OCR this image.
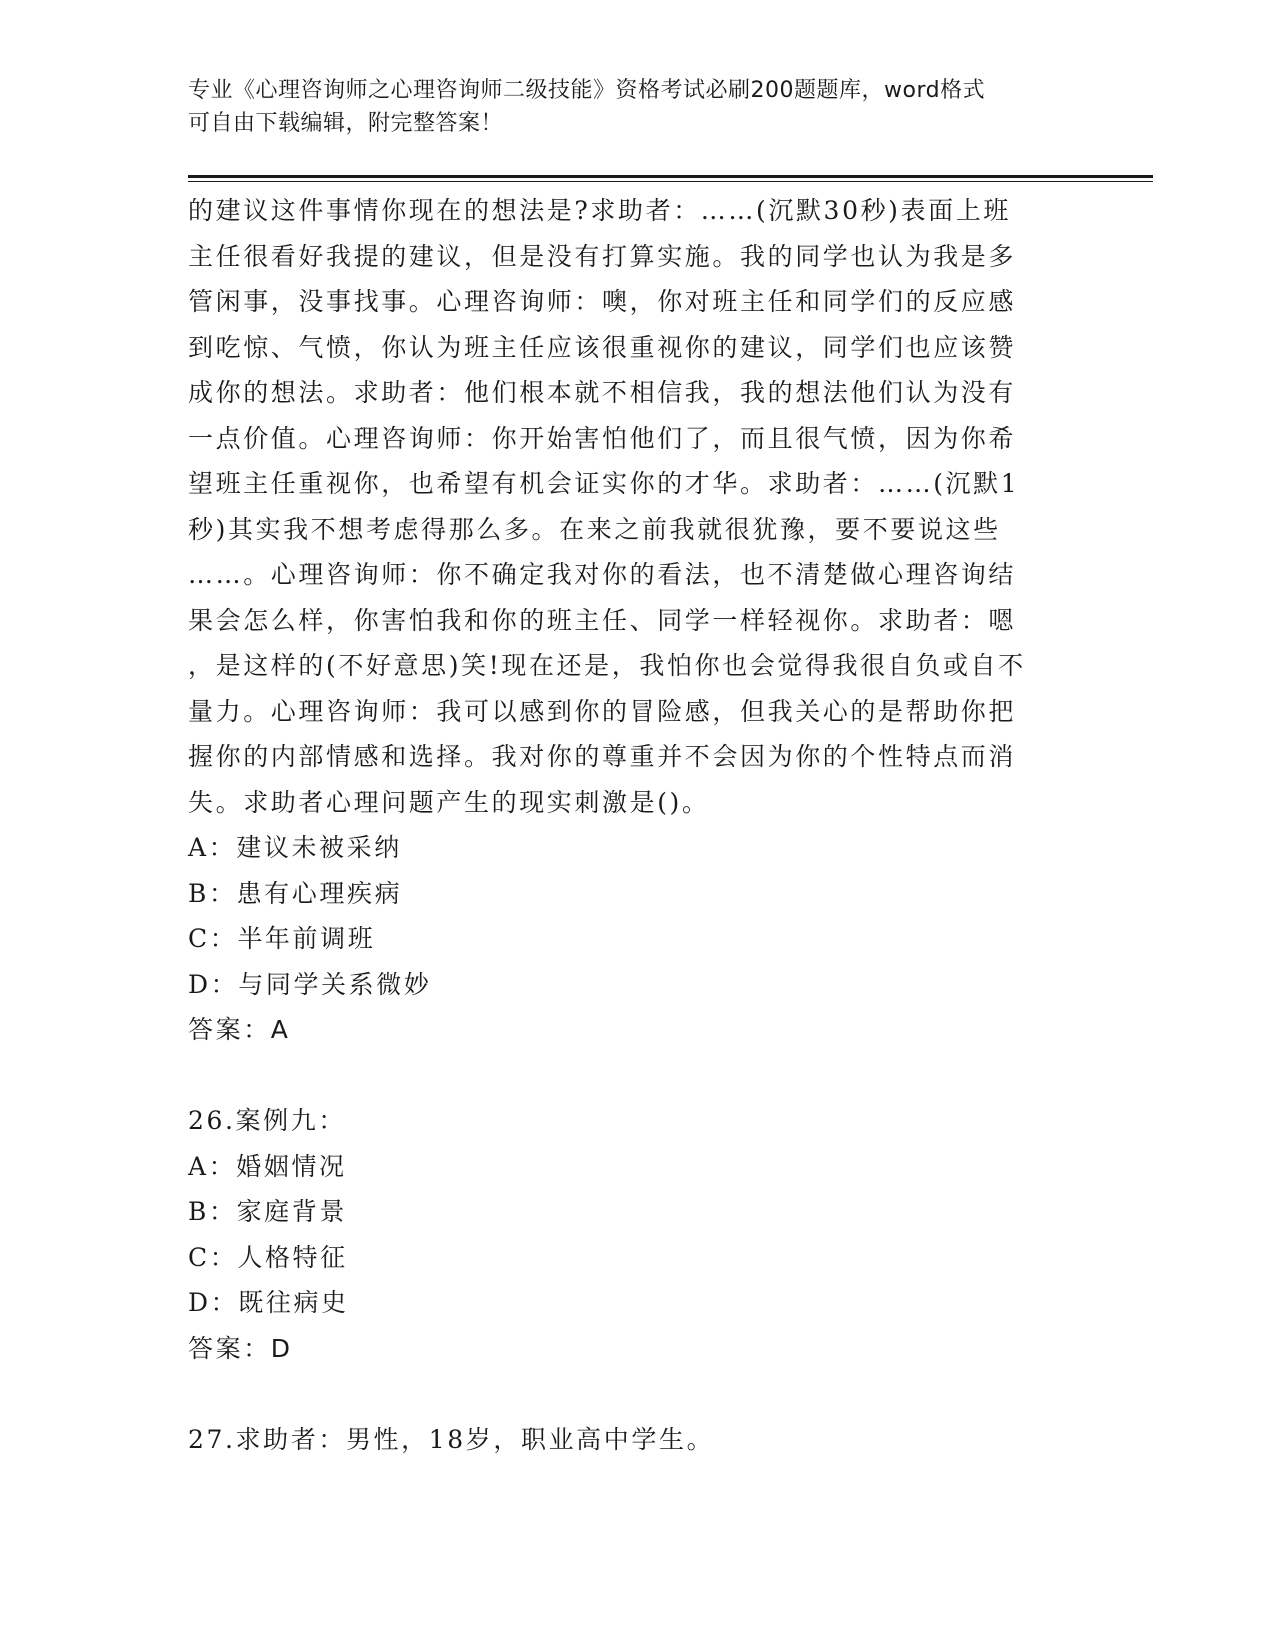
专业《心理咨询师之心理咨询师二级技能》资格考试必刷200题题库，word格式
可自由下载编辑，附完整答案！
的建议这件事情你现在的想法是?求助者：……(沉默30秒)表面上班
主任很看好我提的建议，但是没有打算实施。我的同学也认为我是多
管闲事，没事找事。心理咨询师：噢，你对班主任和同学们的反应感
到吃惊、气愤，你认为班主任应该很重视你的建议，同学们也应该赞
成你的想法。求助者：他们根本就不相信我，我的想法他们认为没有
一点价值。心理咨询师：你开始害怕他们了，而且很气愤，因为你希
望班主任重视你，也希望有机会证实你的才华。求助者：……(沉默1
秒)其实我不想考虑得那么多。在来之前我就很犹豫，要不要说这些
……。心理咨询师：你不确定我对你的看法，也不清楚做心理咨询结
果会怎么样，你害怕我和你的班主任、同学一样轻视你。求助者：嗯
，是这样的(不好意思)笑!现在还是，我怕你也会觉得我很自负或自不
量力。心理咨询师：我可以感到你的冒险感，但我关心的是帮助你把
握你的内部情感和选择。我对你的尊重并不会因为你的个性特点而消
失。求助者心理问题产生的现实刺激是()。
A：建议未被采纳
B：患有心理疾病
C：半年前调班
D：与同学关系微妙
答案：A
26.案例九：
A：婚姻情况
B：家庭背景
C：人格特征
D：既往病史
答案：D
27.求助者：男性，18岁，职业高中学生。
